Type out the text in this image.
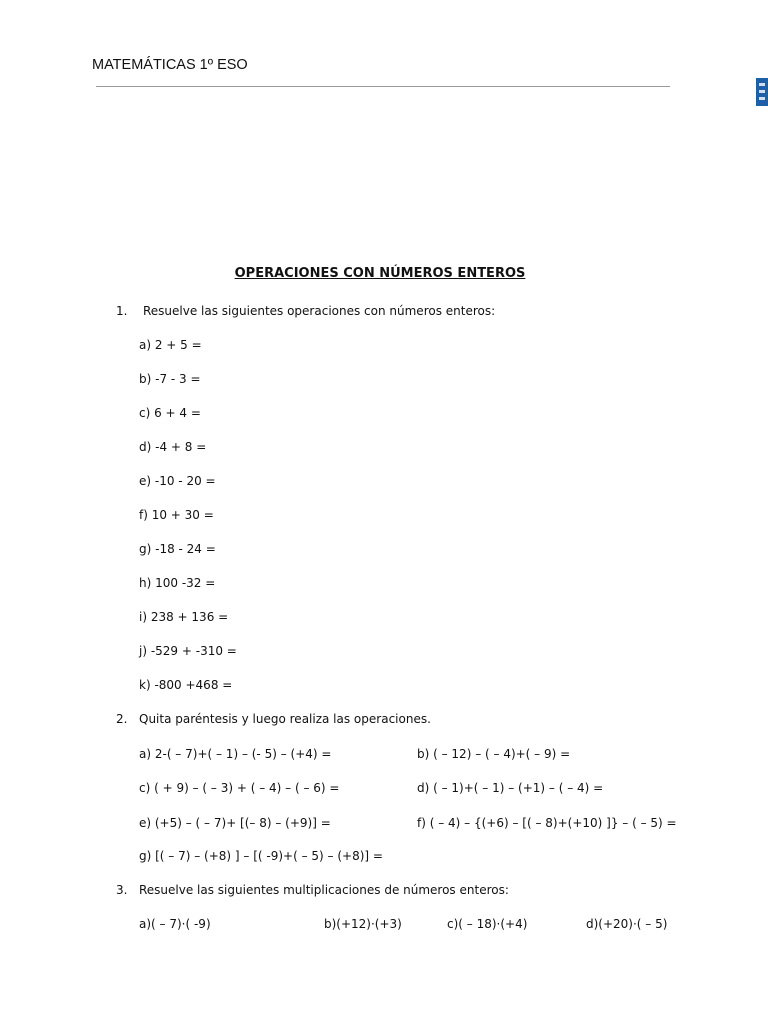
MATEMÁTICAS 1º ESO
OPERACIONES CON NÚMEROS ENTEROS
1. Resuelve las siguientes operaciones con números enteros:
a) 2 + 5 =
b) -7 - 3 =
c) 6 + 4 =
d) -4 + 8 =
e) -10 - 20 =
f) 10 + 30 =
g) -18 - 24 =
h) 100 -32 =
i) 238 + 136 =
j) -529 + -310 =
k) -800 +468 =
2. Quita paréntesis y luego realiza las operaciones.
a) 2-( – 7)+( – 1) – (- 5) – (+4) =	b) ( – 12) – ( – 4)+( – 9) =
c) ( + 9) – ( – 3) + ( – 4) – ( – 6) =	d) ( – 1)+( – 1) – (+1) – ( – 4) =
e) (+5) – ( – 7)+ [(– 8) – (+9)] =	f) ( – 4) – {(+6) – [( – 8)+(+10) ]} – ( – 5) =
g) [( – 7) – (+8) ] – [( -9)+( – 5) – (+8)] =
3. Resuelve las siguientes multiplicaciones de números enteros:
a)( – 7)·( -9)	b)(+12)·(+3)	c)( – 18)·(+4)	d)(+20)·( – 5)
